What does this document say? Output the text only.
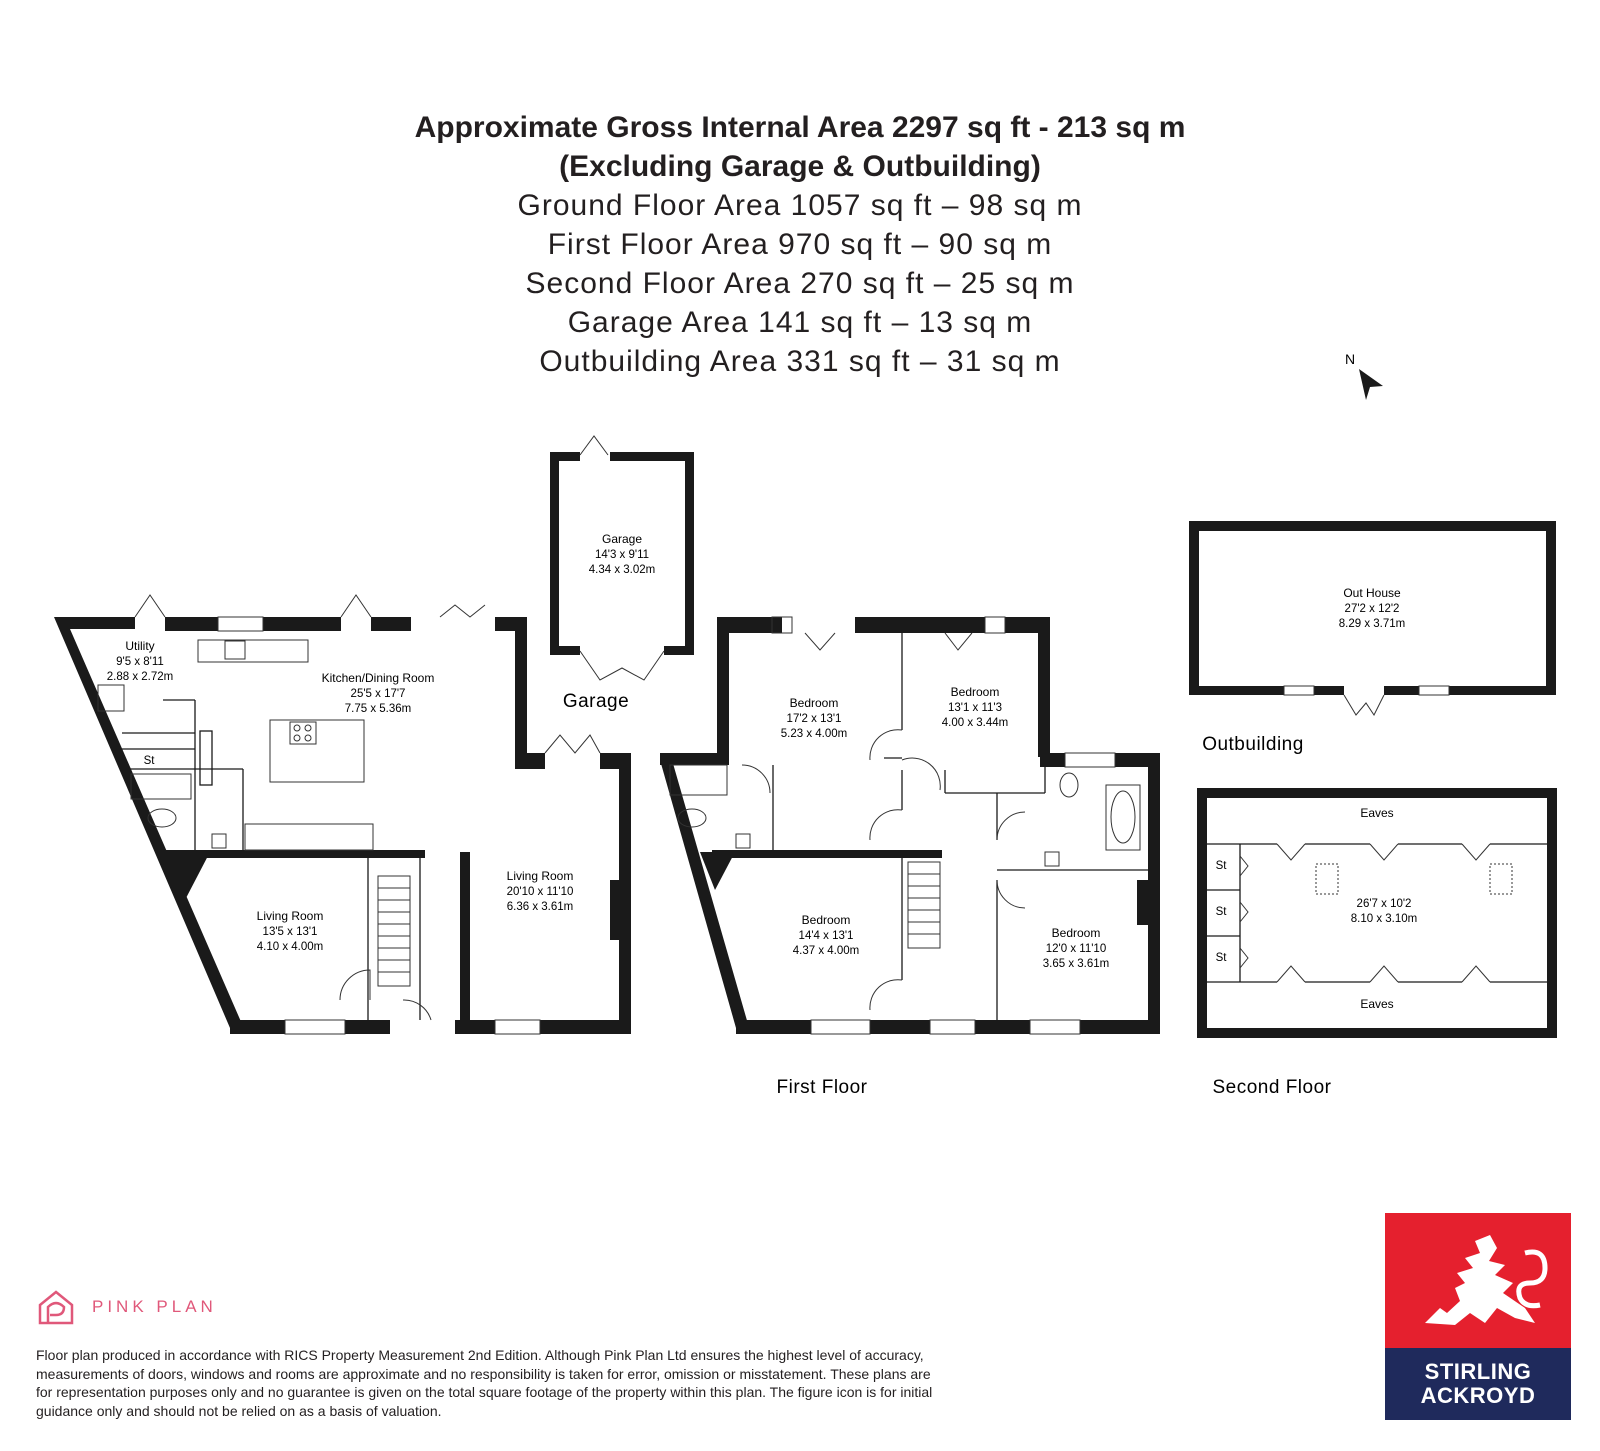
Approximate Gross Internal Area 2297 sq ft - 213 sq m
(Excluding Garage & Outbuilding)
Ground Floor Area 1057 sq ft – 98 sq m
First Floor Area 970 sq ft – 90 sq m
Second Floor Area 270 sq ft – 25 sq m
Garage Area 141 sq ft – 13 sq m
Outbuilding Area 331 sq ft – 31 sq m	N
Utility
9'5 x 8'11
2.88 x 2.72m
St
Kitchen/Dining Room
25'5 x 17'7
7.75 x 5.36m
Living Room
13'5 x 13'1
4.10 x 4.00m
Living Room
20'10 x 11'10
6.36 x 3.61m
Garage
14'3 x 9'11
4.34 x 3.02m
Garage	Bedroom
17'2 x 13'1
5.23 x 4.00m
Bedroom
13'1 x 11'3
4.00 x 3.44m
Bedroom
14'4 x 13'1
4.37 x 4.00m
Bedroom
12'0 x 11'10
3.65 x 3.61m
First Floor
Out House
27'2 x 12'2
8.29 x 3.71m
Outbuilding
Eaves
Eaves
26'7 x 10'2
8.10 x 3.10m
St
St
St
Second Floor
PINK PLAN
Floor plan produced in accordance with RICS Property Measurement 2nd Edition. Although Pink Plan Ltd ensures the highest level of accuracy, measurements of doors, windows and rooms are approximate and no responsibility is taken for error, omission or misstatement. These plans are for representation purposes only and no guarantee is given on the total square footage of the property within this plan. The figure icon is for initial guidance only and should not be relied on as a basis of valuation.
STIRLING
ACKROYD
